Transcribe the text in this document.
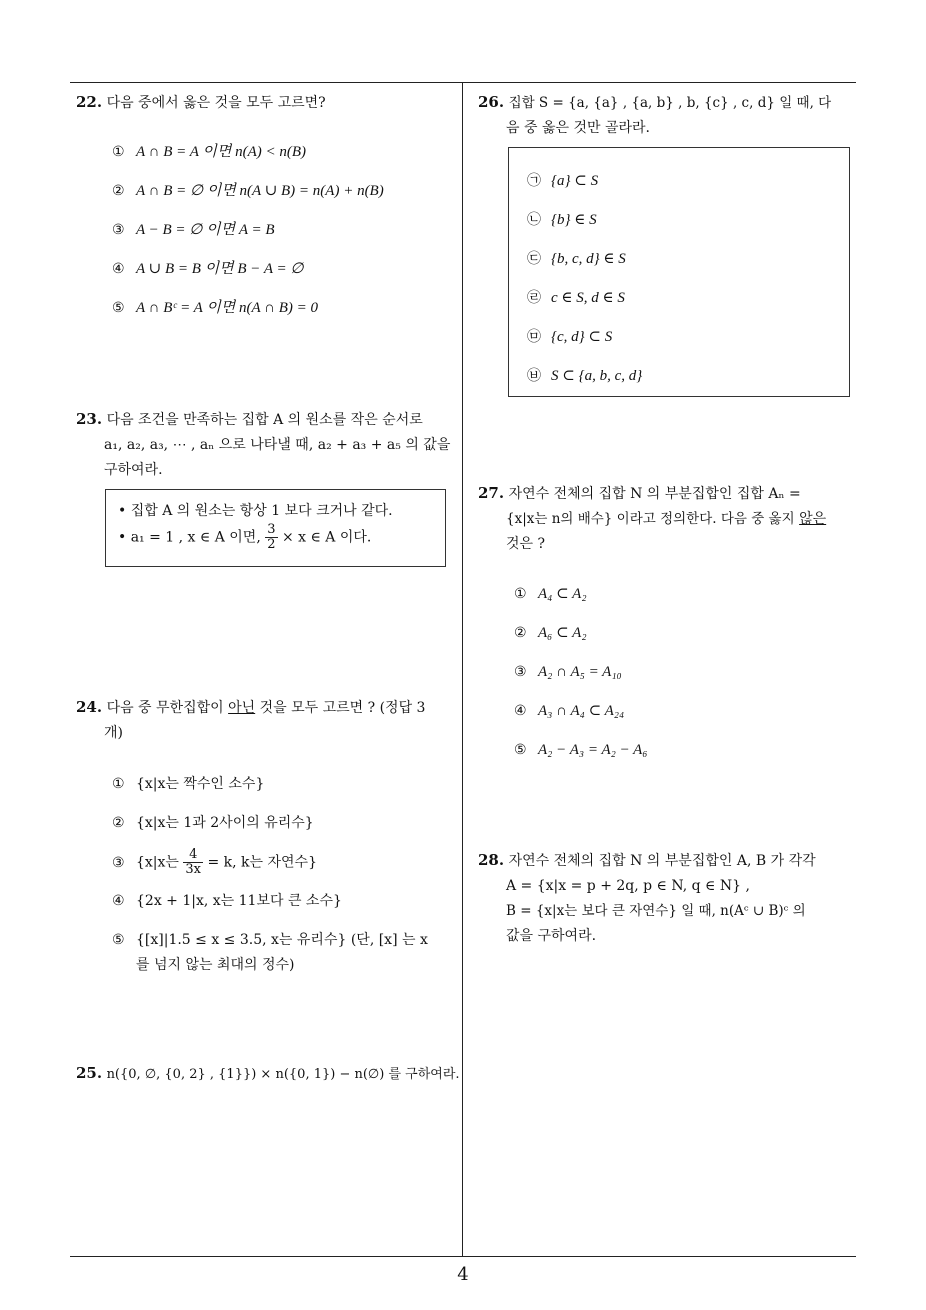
22. 다음 중에서 옳은 것을 모두 고르면?
① A ∩ B = A 이면 n(A) < n(B)
② A ∩ B = ∅ 이면 n(A ∪ B) = n(A) + n(B)
③ A − B = ∅ 이면 A = B
④ A ∪ B = B 이면 B − A = ∅
⑤ A ∩ Bᶜ = A 이면 n(A ∩ B) = 0
23. 다음 조건을 만족하는 집합 A 의 원소를 작은 순서로
a₁, a₂, a₃, ⋯ , aₙ 으로 나타낼 때, a₂ + a₃ + a₅ 의 값을
구하여라.
• 집합 A 의 원소는 항상 1 보다 크거나 같다.
• a₁ = 1 , x ∈ A 이면, $\frac{3}{2} \times x$ ∈ A 이다.
24. 다음 중 무한집합이 아닌 것을 모두 고르면 ? (정답 3
개)
① {x|x는 짝수인 소수}
② {x|x는 1과 2사이의 유리수}
③ {x|x는 $\frac{4}{3x} = k$, k는 자연수}
④ {2x + 1|x, x는 11보다 큰 소수}
⑤ {[x]|1.5 ≤ x ≤ 3.5, x는 유리수} (단, [x] 는 x
를 넘지 않는 최대의 정수)
25. n({0, ∅, {0, 2} , {1}}) × n({0, 1}) − n(∅) 를 구하여라.
26. 집합 S = {a, {a} , {a, b} , b, {c} , c, d} 일 때, 다
음 중 옳은 것만 골라라.
㉠ {a} ⊂ S
㉡ {b} ∈ S
㉢ {b, c, d} ∈ S
㉣ c ∈ S, d ∈ S
㉤ {c, d} ⊂ S
㉥ S ⊂ {a, b, c, d}
27. 자연수 전체의 집합 N 의 부분집합인 집합 Aₙ =
{x|x는 n의 배수} 이라고 정의한다. 다음 중 옳지 않은
것은 ?
① A₄ ⊂ A₂
② A₆ ⊂ A₂
③ A₂ ∩ A₅ = A₁₀
④ A₃ ∩ A₄ ⊂ A₂₄
⑤ A₂ − A₃ = A₂ − A₆
28. 자연수 전체의 집합 N 의 부분집합인 A, B 가 각각
A = {x|x = p + 2q, p ∈ N, q ∈ N} ,
B = {x|x는 보다 큰 자연수} 일 때, n(Aᶜ ∪ B)ᶜ 의
값을 구하여라.
4
